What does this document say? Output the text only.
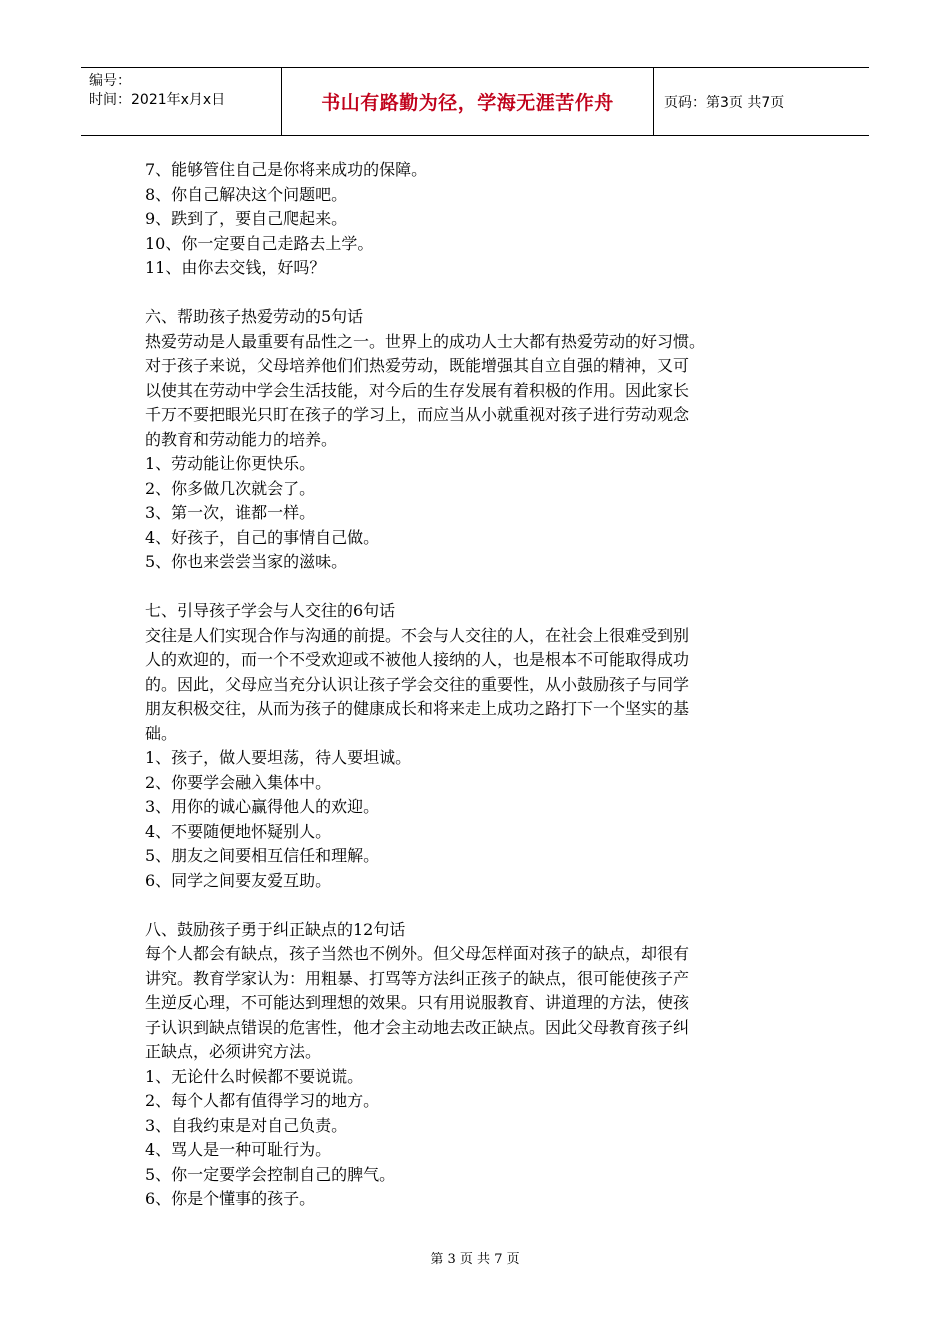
编号：
时间：2021年x月x日	书山有路勤为径，学海无涯苦作舟	页码：第3页 共7页
7、能够管住自己是你将来成功的保障。
8、你自己解决这个问题吧。
9、跌到了，要自己爬起来。
10、你一定要自己走路去上学。
11、由你去交钱，好吗？
六、帮助孩子热爱劳动的5句话
热爱劳动是人最重要有品性之一。世界上的成功人士大都有热爱劳动的好习惯。
对于孩子来说，父母培养他们们热爱劳动，既能增强其自立自强的精神，又可
以使其在劳动中学会生活技能，对今后的生存发展有着积极的作用。因此家长
千万不要把眼光只盯在孩子的学习上，而应当从小就重视对孩子进行劳动观念
的教育和劳动能力的培养。
1、劳动能让你更快乐。
2、你多做几次就会了。
3、第一次，谁都一样。
4、好孩子，自己的事情自己做。
5、你也来尝尝当家的滋味。
七、引导孩子学会与人交往的6句话
交往是人们实现合作与沟通的前提。不会与人交往的人，在社会上很难受到别
人的欢迎的，而一个不受欢迎或不被他人接纳的人，也是根本不可能取得成功
的。因此，父母应当充分认识让孩子学会交往的重要性，从小鼓励孩子与同学
朋友积极交往，从而为孩子的健康成长和将来走上成功之路打下一个坚实的基
础。
1、孩子，做人要坦荡，待人要坦诚。
2、你要学会融入集体中。
3、用你的诚心赢得他人的欢迎。
4、不要随便地怀疑别人。
5、朋友之间要相互信任和理解。
6、同学之间要友爱互助。
八、鼓励孩子勇于纠正缺点的12句话
每个人都会有缺点，孩子当然也不例外。但父母怎样面对孩子的缺点，却很有
讲究。教育学家认为：用粗暴、打骂等方法纠正孩子的缺点，很可能使孩子产
生逆反心理，不可能达到理想的效果。只有用说服教育、讲道理的方法，使孩
子认识到缺点错误的危害性，他才会主动地去改正缺点。因此父母教育孩子纠
正缺点，必须讲究方法。
1、无论什么时候都不要说谎。
2、每个人都有值得学习的地方。
3、自我约束是对自己负责。
4、骂人是一种可耻行为。
5、你一定要学会控制自己的脾气。
6、你是个懂事的孩子。
第 3 页 共 7 页
